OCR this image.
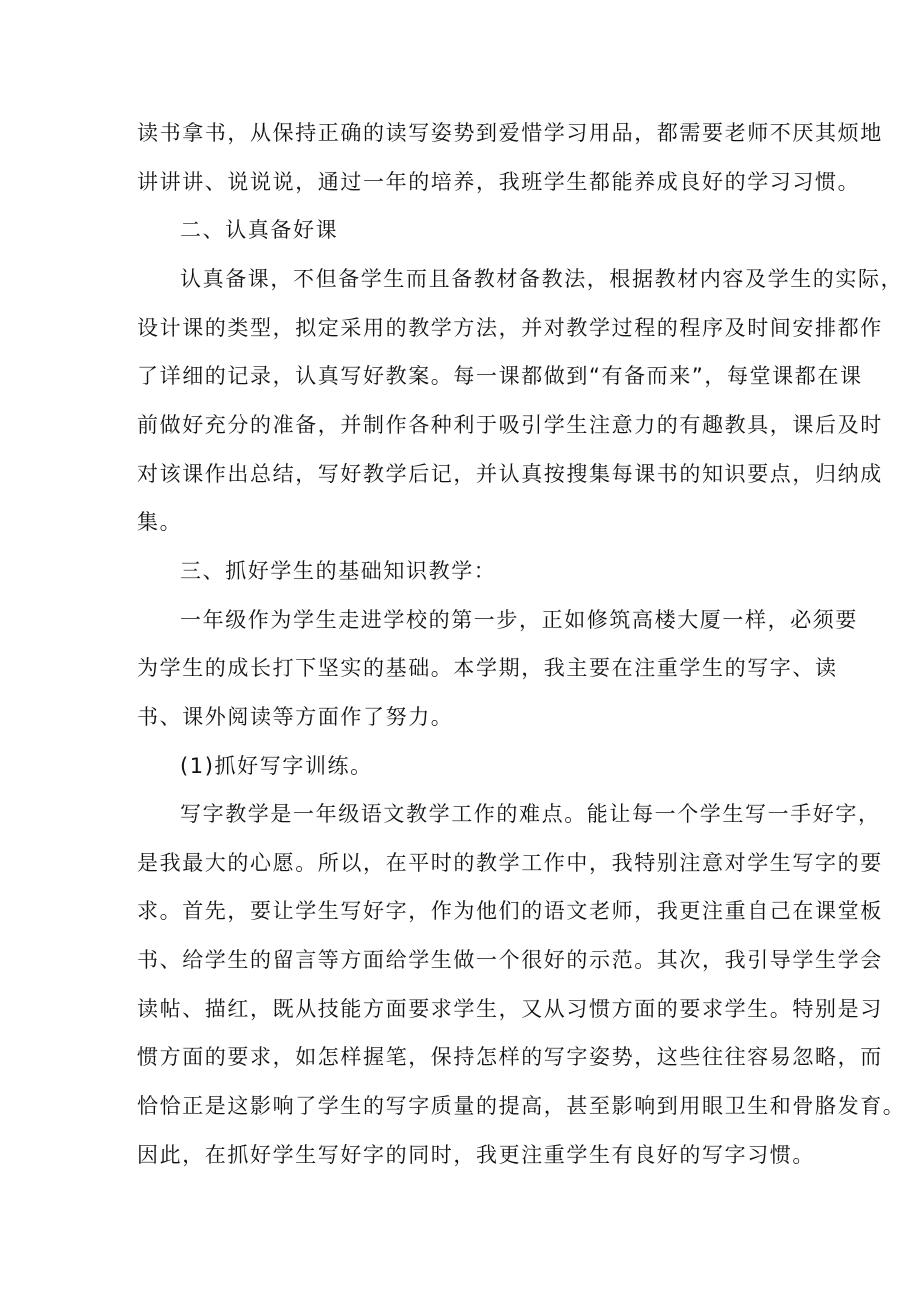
读书拿书，从保持正确的读写姿势到爱惜学习用品，都需要老师不厌其烦地

讲讲讲、说说说，通过一年的培养，我班学生都能养成良好的学习习惯。

二、认真备好课

认真备课，不但备学生而且备教材备教法，根据教材内容及学生的实际，

设计课的类型，拟定采用的教学方法，并对教学过程的程序及时间安排都作

了详细的记录，认真写好教案。每一课都做到“有备而来”，每堂课都在课

前做好充分的准备，并制作各种利于吸引学生注意力的有趣教具，课后及时

对该课作出总结，写好教学后记，并认真按搜集每课书的知识要点，归纳成

集。

三、抓好学生的基础知识教学：

一年级作为学生走进学校的第一步，正如修筑高楼大厦一样，必须要

为学生的成长打下坚实的基础。本学期，我主要在注重学生的写字、读

书、课外阅读等方面作了努力。

(1)抓好写字训练。

写字教学是一年级语文教学工作的难点。能让每一个学生写一手好字，

是我最大的心愿。所以，在平时的教学工作中，我特别注意对学生写字的要

求。首先，要让学生写好字，作为他们的语文老师，我更注重自己在课堂板

书、给学生的留言等方面给学生做一个很好的示范。其次，我引导学生学会

读帖、描红，既从技能方面要求学生，又从习惯方面的要求学生。特别是习

惯方面的要求，如怎样握笔，保持怎样的写字姿势，这些往往容易忽略，而

恰恰正是这影响了学生的写字质量的提高，甚至影响到用眼卫生和骨胳发育。

因此，在抓好学生写好字的同时，我更注重学生有良好的写字习惯。
